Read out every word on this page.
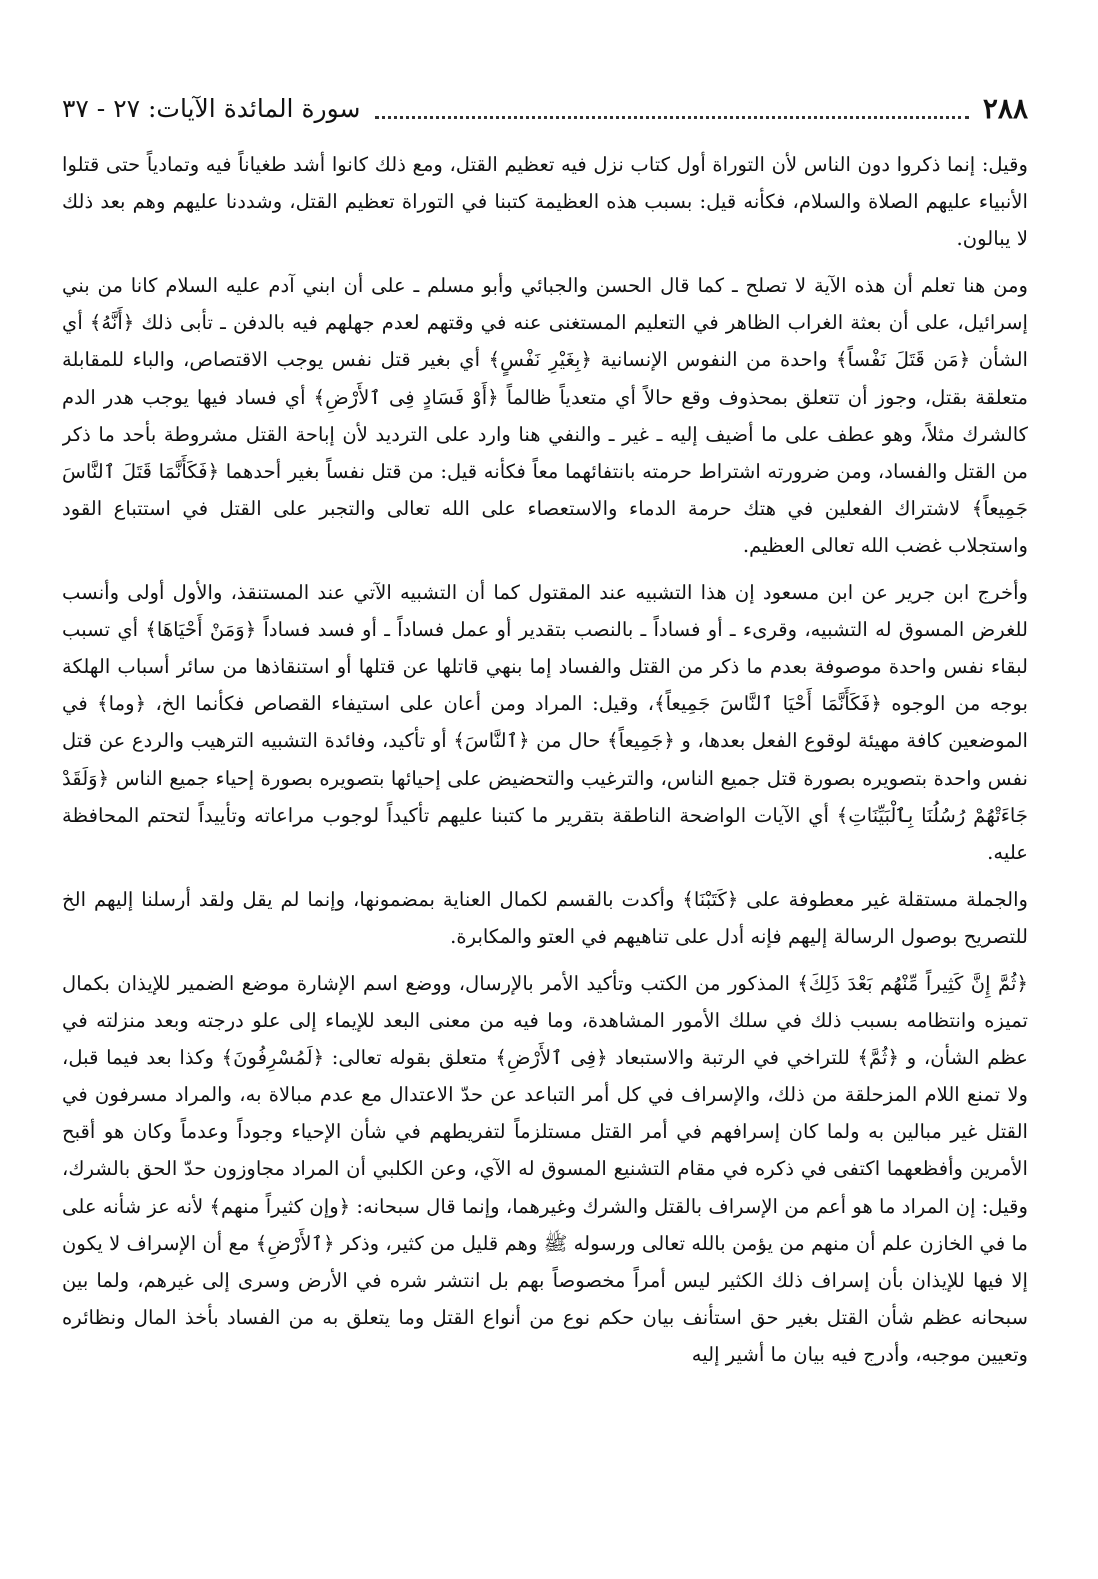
٢٨٨
سورة المائدة الآيات: ٢٧ - ٣٧

وقيل: إنما ذكروا دون الناس لأن التوراة أول كتاب نزل فيه تعظيم القتل، ومع ذلك كانوا أشد طغياناً فيه وتمادياً حتى قتلوا الأنبياء عليهم الصلاة والسلام، فكأنه قيل: بسبب هذه العظيمة كتبنا في التوراة تعظيم القتل، وشددنا عليهم وهم بعد ذلك لا يبالون.

ومن هنا تعلم أن هذه الآية لا تصلح ـ كما قال الحسن والجبائي وأبو مسلم ـ على أن ابني آدم عليه السلام كانا من بني إسرائيل، على أن بعثة الغراب الظاهر في التعليم المستغنى عنه في وقتهم لعدم جهلهم فيه بالدفن ـ تأبى ذلك ﴿أَنَّهُ﴾ أي الشأن ﴿مَن قَتَلَ نَفْساً﴾ واحدة من النفوس الإنسانية ﴿بِغَيْرِ نَفْسٍ﴾ أي بغير قتل نفس يوجب الاقتصاص، والباء للمقابلة متعلقة بقتل، وجوز أن تتعلق بمحذوف وقع حالاً أي متعدياً ظالماً ﴿أَوْ فَسَادٍ فِى ٱلأَرْضِ﴾ أي فساد فيها يوجب هدر الدم كالشرك مثلاً، وهو عطف على ما أضيف إليه ـ غير ـ والنفي هنا وارد على الترديد لأن إباحة القتل مشروطة بأحد ما ذكر من القتل والفساد، ومن ضرورته اشتراط حرمته بانتفائهما معاً فكأنه قيل: من قتل نفساً بغير أحدهما ﴿فَكَأَنَّمَا قَتَلَ ٱلنَّاسَ جَمِيعاً﴾ لاشتراك الفعلين في هتك حرمة الدماء والاستعصاء على الله تعالى والتجبر على القتل في استتباع القود واستجلاب غضب الله تعالى العظيم.

وأخرج ابن جرير عن ابن مسعود إن هذا التشبيه عند المقتول كما أن التشبيه الآتي عند المستنقذ، والأول أولى وأنسب للغرض المسوق له التشبيه، وقرىء ـ أو فساداً ـ بالنصب بتقدير أو عمل فساداً ـ أو فسد فساداً ﴿وَمَنْ أَحْيَاهَا﴾ أي تسبب لبقاء نفس واحدة موصوفة بعدم ما ذكر من القتل والفساد إما بنهي قاتلها عن قتلها أو استنقاذها من سائر أسباب الهلكة بوجه من الوجوه ﴿فَكَأَنَّمَا أَحْيَا ٱلنَّاسَ جَمِيعاً﴾، وقيل: المراد ومن أعان على استيفاء القصاص فكأنما الخ، ﴿وما﴾ في الموضعين كافة مهيئة لوقوع الفعل بعدها، و ﴿جَمِيعاً﴾ حال من ﴿ٱلنَّاسَ﴾ أو تأكيد، وفائدة التشبيه الترهيب والردع عن قتل نفس واحدة بتصويره بصورة قتل جميع الناس، والترغيب والتحضيض على إحيائها بتصويره بصورة إحياء جميع الناس ﴿وَلَقَدْ جَاءَتْهُمْ رُسُلُنَا بِٱلْبَيِّنَاتِ﴾ أي الآيات الواضحة الناطقة بتقرير ما كتبنا عليهم تأكيداً لوجوب مراعاته وتأييداً لتحتم المحافظة عليه.

والجملة مستقلة غير معطوفة على ﴿كَتَبْنَا﴾ وأكدت بالقسم لكمال العناية بمضمونها، وإنما لم يقل ولقد أرسلنا إليهم الخ للتصريح بوصول الرسالة إليهم فإنه أدل على تناهيهم في العتو والمكابرة.

﴿ثُمَّ إِنَّ كَثِيراً مِّنْهُم بَعْدَ ذَلِكَ﴾ المذكور من الكتب وتأكيد الأمر بالإرسال، ووضع اسم الإشارة موضع الضمير للإيذان بكمال تميزه وانتظامه بسبب ذلك في سلك الأمور المشاهدة، وما فيه من معنى البعد للإيماء إلى علو درجته وبعد منزلته في عظم الشأن، و ﴿ثُمَّ﴾ للتراخي في الرتبة والاستبعاد ﴿فِى ٱلأَرْضِ﴾ متعلق بقوله تعالى: ﴿لَمُسْرِفُونَ﴾ وكذا بعد فيما قبل، ولا تمنع اللام المزحلقة من ذلك، والإسراف في كل أمر التباعد عن حدّ الاعتدال مع عدم مبالاة به، والمراد مسرفون في القتل غير مبالين به ولما كان إسرافهم في أمر القتل مستلزماً لتفريطهم في شأن الإحياء وجوداً وعدماً وكان هو أقبح الأمرين وأفظعهما اكتفى في ذكره في مقام التشنيع المسوق له الآي، وعن الكلبي أن المراد مجاوزون حدّ الحق بالشرك، وقيل: إن المراد ما هو أعم من الإسراف بالقتل والشرك وغيرهما، وإنما قال سبحانه: ﴿وإن كثيراً منهم﴾ لأنه عز شأنه على ما في الخازن علم أن منهم من يؤمن بالله تعالى ورسوله ﷺ وهم قليل من كثير، وذكر ﴿ٱلأَرْضِ﴾ مع أن الإسراف لا يكون إلا فيها للإيذان بأن إسراف ذلك الكثير ليس أمراً مخصوصاً بهم بل انتشر شره في الأرض وسرى إلى غيرهم، ولما بين سبحانه عظم شأن القتل بغير حق استأنف بيان حكم نوع من أنواع القتل وما يتعلق به من الفساد بأخذ المال ونظائره وتعيين موجبه، وأدرج فيه بيان ما أشير إليه
